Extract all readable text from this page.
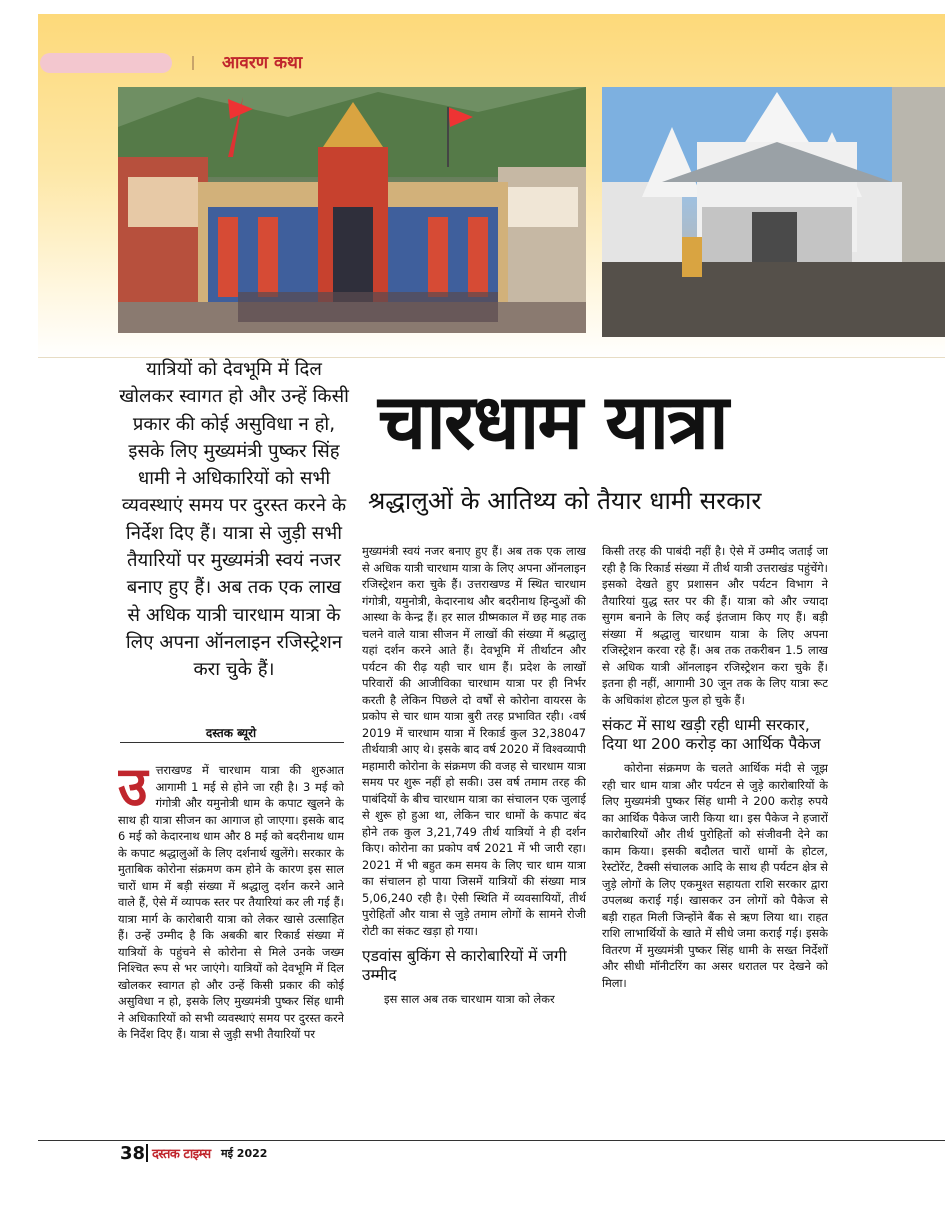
आवरण कथा
यात्रियों को देवभूमि में दिल खोलकर स्वागत हो और उन्हें किसी प्रकार की कोई असुविधा न हो, इसके लिए मुख्यमंत्री पुष्कर सिंह धामी ने अधिकारियों को सभी व्यवस्थाएं समय पर दुरस्त करने के निर्देश दिए हैं। यात्रा से जुड़ी सभी तैयारियों पर मुख्यमंत्री स्वयं नजर बनाए हुए हैं। अब तक एक लाख से अधिक यात्री चारधाम यात्रा के लिए अपना ऑनलाइन रजिस्ट्रेशन करा चुके हैं।
चारधाम यात्रा
श्रद्धालुओं के आतिथ्य को तैयार धामी सरकार
दस्तक ब्यूरो
उ त्तराखण्ड में चारधाम यात्रा की शुरुआत आगामी 1 मई से होने जा रही है। 3 मई को गंगोत्री और यमुनोत्री धाम के कपाट खुलने के साथ ही यात्रा सीजन का आगाज हो जाएगा। इसके बाद 6 मई को केदारनाथ धाम और 8 मई को बदरीनाथ धाम के कपाट श्रद्धालुओं के लिए दर्शनार्थ खुलेंगे। सरकार के मुताबिक कोरोना संक्रमण कम होने के कारण इस साल चारों धाम में बड़ी संख्या में श्रद्धालु दर्शन करने आने वाले हैं, ऐसे में व्यापक स्तर पर तैयारियां कर ली गई हैं। यात्रा मार्ग के कारोबारी यात्रा को लेकर खासे उत्साहित हैं। उन्हें उम्मीद है कि अबकी बार रिकार्ड संख्या में यात्रियों के पहुंचने से कोरोना से मिले उनके जख्म निश्चित रूप से भर जाएंगे। यात्रियों को देवभूमि में दिल खोलकर स्वागत हो और उन्हें किसी प्रकार की कोई असुविधा न हो, इसके लिए मुख्यमंत्री पुष्कर सिंह धामी ने अधिकारियों को सभी व्यवस्थाएं समय पर दुरस्त करने के निर्देश दिए हैं। यात्रा से जुड़ी सभी तैयारियों पर

मुख्यमंत्री स्वयं नजर बनाए हुए हैं। अब तक एक लाख से अधिक यात्री चारधाम यात्रा के लिए अपना ऑनलाइन रजिस्ट्रेशन करा चुके हैं। उत्तराखण्ड में स्थित चारधाम गंगोत्री, यमुनोत्री, केदारनाथ और बदरीनाथ हिन्दुओं की आस्था के केन्द्र हैं। हर साल ग्रीष्मकाल में छह माह तक चलने वाले यात्रा सीजन में लाखों की संख्या में श्रद्धालु यहां दर्शन करने आते हैं। देवभूमि में तीर्थाटन और पर्यटन की रीढ़ यही चार धाम हैं। प्रदेश के लाखों परिवारों की आजीविका चारधाम यात्रा पर ही निर्भर करती है लेकिन पिछले दो वर्षों से कोरोना वायरस के प्रकोप से चार धाम यात्रा बुरी तरह प्रभावित रही। ‹वर्ष 2019 में चारधाम यात्रा में रिकार्ड कुल 32,38047 तीर्थयात्री आए थे। इसके बाद वर्ष 2020 में विश्वव्यापी महामारी कोरोना के संक्रमण की वजह से चारधाम यात्रा समय पर शुरू नहीं हो सकी। उस वर्ष तमाम तरह की पाबंदियों के बीच चारधाम यात्रा का संचालन एक जुलाई से शुरू हो हुआ था, लेकिन चार धामों के कपाट बंद होने तक कुल 3,21,749 तीर्थ यात्रियों ने ही दर्शन किए। कोरोना का प्रकोप वर्ष 2021 में भी जारी रहा। 2021 में भी बहुत कम समय के लिए चार धाम यात्रा का संचालन हो पाया जिसमें यात्रियों की संख्या मात्र 5,06,240 रही है। ऐसी स्थिति में व्यवसायियों, तीर्थ पुरोहितों और यात्रा से जुड़े तमाम लोगों के सामने रोजी रोटी का संकट खड़ा हो गया।

एडवांस बुकिंग से कारोबारियों में जगी उम्मीद

इस साल अब तक चारधाम यात्रा को लेकर

किसी तरह की पाबंदी नहीं है। ऐसे में उम्मीद जताई जा रही है कि रिकार्ड संख्या में तीर्थ यात्री उत्तराखंड पहुंचेंगे। इसको देखते हुए प्रशासन और पर्यटन विभाग ने तैयारियां युद्ध स्तर पर की हैं। यात्रा को और ज्यादा सुगम बनाने के लिए कई इंतजाम किए गए हैं। बड़ी संख्या में श्रद्धालु चारधाम यात्रा के लिए अपना रजिस्ट्रेशन करवा रहे हैं। अब तक तकरीबन 1.5 लाख से अधिक यात्री ऑनलाइन रजिस्ट्रेशन करा चुके हैं। इतना ही नहीं, आगामी 30 जून तक के लिए यात्रा रूट के अधिकांश होटल फुल हो चुके हैं।

संकट में साथ खड़ी रही धामी सरकार, दिया था 200 करोड़ का आर्थिक पैकेज

कोरोना संक्रमण के चलते आर्थिक मंदी से जूझ रही चार धाम यात्रा और पर्यटन से जुड़े कारोबारियों के लिए मुख्यमंत्री पुष्कर सिंह धामी ने 200 करोड़ रुपये का आर्थिक पैकेज जारी किया था। इस पैकेज ने हजारों कारोबारियों और तीर्थ पुरोहितों को संजीवनी देने का काम किया। इसकी बदौलत चारों धामों के होटल, रेस्टोरेंट, टैक्सी संचालक आदि के साथ ही पर्यटन क्षेत्र से जुड़े लोगों के लिए एकमुश्त सहायता राशि सरकार द्वारा उपलब्ध कराई गई। खासकर उन लोगों को पैकेज से बड़ी राहत मिली जिन्होंने बैंक से ऋण लिया था। राहत राशि लाभार्थियों के खाते में सीधे जमा कराई गई। इसके वितरण में मुख्यमंत्री पुष्कर सिंह धामी के सख्त निर्देशों और सीधी मॉनीटरिंग का असर धरातल पर देखने को मिला।

38 दस्तक टाइम्स मई 2022
